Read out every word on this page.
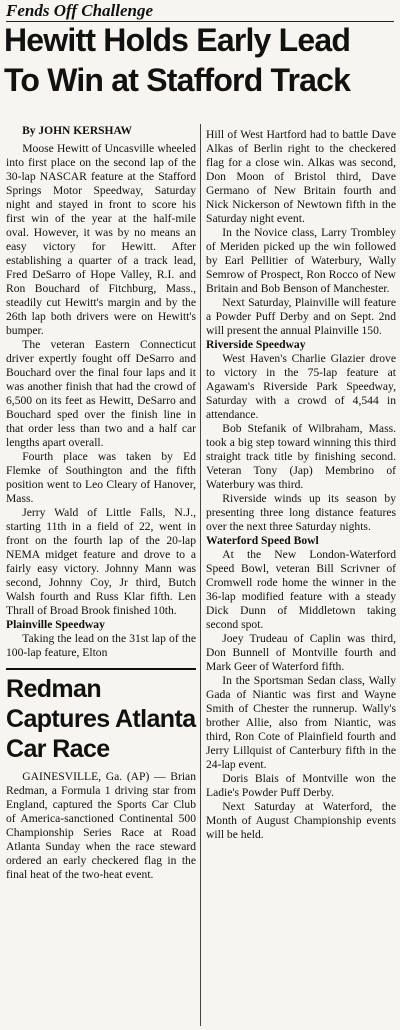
Fends Off Challenge
Hewitt Holds Early Lead
To Win at Stafford Track
By JOHN KERSHAW

Moose Hewitt of Uncasville wheeled into first place on the second lap of the 30-lap NASCAR feature at the Stafford Springs Motor Speedway, Saturday night and stayed in front to score his first win of the year at the half-mile oval. However, it was by no means an easy victory for Hewitt. After establishing a quarter of a track lead, Fred DeSarro of Hope Valley, R.I. and Ron Bouchard of Fitchburg, Mass., steadily cut Hewitt's margin and by the 26th lap both drivers were on Hewitt's bumper.

The veteran Eastern Connecticut driver expertly fought off DeSarro and Bouchard over the final four laps and it was another finish that had the crowd of 6,500 on its feet as Hewitt, DeSarro and Bouchard sped over the finish line in that order less than two and a half car lengths apart overall.

Fourth place was taken by Ed Flemke of Southington and the fifth position went to Leo Cleary of Hanover, Mass.

Jerry Wald of Little Falls, N.J., starting 11th in a field of 22, went in front on the fourth lap of the 20-lap NEMA midget feature and drove to a fairly easy victory. Johnny Mann was second, Johnny Coy, Jr third, Butch Walsh fourth and Russ Klar fifth. Len Thrall of Broad Brook finished 10th.

Plainville Speedway

Taking the lead on the 31st lap of the 100-lap feature, Elton

Redman Captures Atlanta Car Race

GAINESVILLE, Ga. (AP) — Brian Redman, a Formula 1 driving star from England, captured the Sports Car Club of America-sanctioned Continental 500 Championship Series Race at Road Atlanta Sunday when the race steward ordered an early checkered flag in the final heat of the two-heat event.

Hill of West Hartford had to battle Dave Alkas of Berlin right to the checkered flag for a close win. Alkas was second, Don Moon of Bristol third, Dave Germano of New Britain fourth and Nick Nickerson of Newtown fifth in the Saturday night event.

In the Novice class, Larry Trombley of Meriden picked up the win followed by Earl Pellitier of Waterbury, Wally Semrow of Prospect, Ron Rocco of New Britain and Bob Benson of Manchester.

Next Saturday, Plainville will feature a Powder Puff Derby and on Sept. 2nd will present the annual Plainville 150.

Riverside Speedway

West Haven's Charlie Glazier drove to victory in the 75-lap feature at Agawam's Riverside Park Speedway, Saturday with a crowd of 4,544 in attendance.

Bob Stefanik of Wilbraham, Mass. took a big step toward winning this third straight track title by finishing second. Veteran Tony (Jap) Membrino of Waterbury was third.

Riverside winds up its season by presenting three long distance features over the next three Saturday nights.

Waterford Speed Bowl

At the New London-Waterford Speed Bowl, veteran Bill Scrivner of Cromwell rode home the winner in the 36-lap modified feature with a steady Dick Dunn of Middletown taking second spot.

Joey Trudeau of Caplin was third, Don Bunnell of Montville fourth and Mark Geer of Waterford fifth.

In the Sportsman Sedan class, Wally Gada of Niantic was first and Wayne Smith of Chester the runnerup. Wally's brother Allie, also from Niantic, was third, Ron Cote of Plainfield fourth and Jerry Lillquist of Canterbury fifth in the 24-lap event.

Doris Blais of Montville won the Ladie's Powder Puff Derby.

Next Saturday at Waterford, the Month of August Championship events will be held.
